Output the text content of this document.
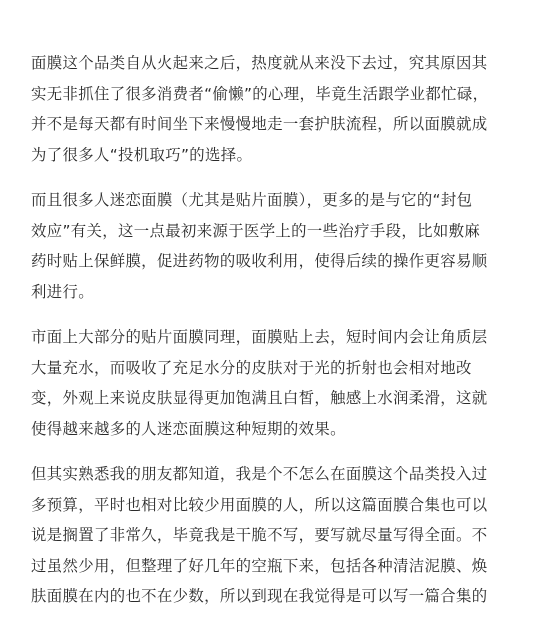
面膜这个品类自从火起来之后，热度就从来没下去过，究其原因其
实无非抓住了很多消费者“偷懒”的心理，毕竟生活跟学业都忙碌，
并不是每天都有时间坐下来慢慢地走一套护肤流程，所以面膜就成
为了很多人“投机取巧”的选择。

而且很多人迷恋面膜（尤其是贴片面膜），更多的是与它的“封包
效应”有关，这一点最初来源于医学上的一些治疗手段，比如敷麻
药时贴上保鲜膜，促进药物的吸收利用，使得后续的操作更容易顺
利进行。

市面上大部分的贴片面膜同理，面膜贴上去，短时间内会让角质层
大量充水，而吸收了充足水分的皮肤对于光的折射也会相对地改
变，外观上来说皮肤显得更加饱满且白皙，触感上水润柔滑，这就
使得越来越多的人迷恋面膜这种短期的效果。

但其实熟悉我的朋友都知道，我是个不怎么在面膜这个品类投入过
多预算，平时也相对比较少用面膜的人，所以这篇面膜合集也可以
说是搁置了非常久，毕竟我是干脆不写，要写就尽量写得全面。不
过虽然少用，但整理了好几年的空瓶下来，包括各种清洁泥膜、焕
肤面膜在内的也不在少数，所以到现在我觉得是可以写一篇合集的
